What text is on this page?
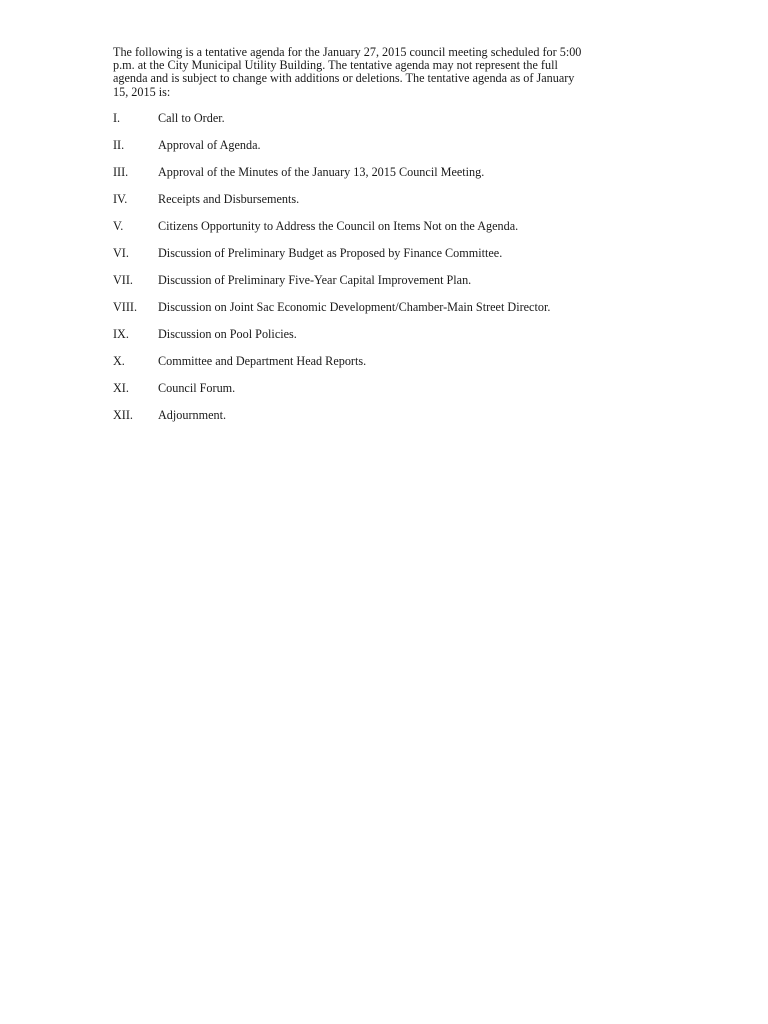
The following is a tentative agenda for the January 27, 2015 council meeting scheduled for 5:00
p.m. at the City Municipal Utility Building. The tentative agenda may not represent the full
agenda and is subject to change with additions or deletions. The tentative agenda as of January
15, 2015 is:

I.	Call to Order.
II.	Approval of Agenda.
III.	Approval of the Minutes of the January 13, 2015 Council Meeting.
IV.	Receipts and Disbursements.
V.	Citizens Opportunity to Address the Council on Items Not on the Agenda.
VI.	Discussion of Preliminary Budget as Proposed by Finance Committee.
VII.	Discussion of Preliminary Five-Year Capital Improvement Plan.
VIII.	Discussion on Joint Sac Economic Development/Chamber-Main Street Director.
IX.	Discussion on Pool Policies.
X.	Committee and Department Head Reports.
XI.	Council Forum.
XII.	Adjournment.
